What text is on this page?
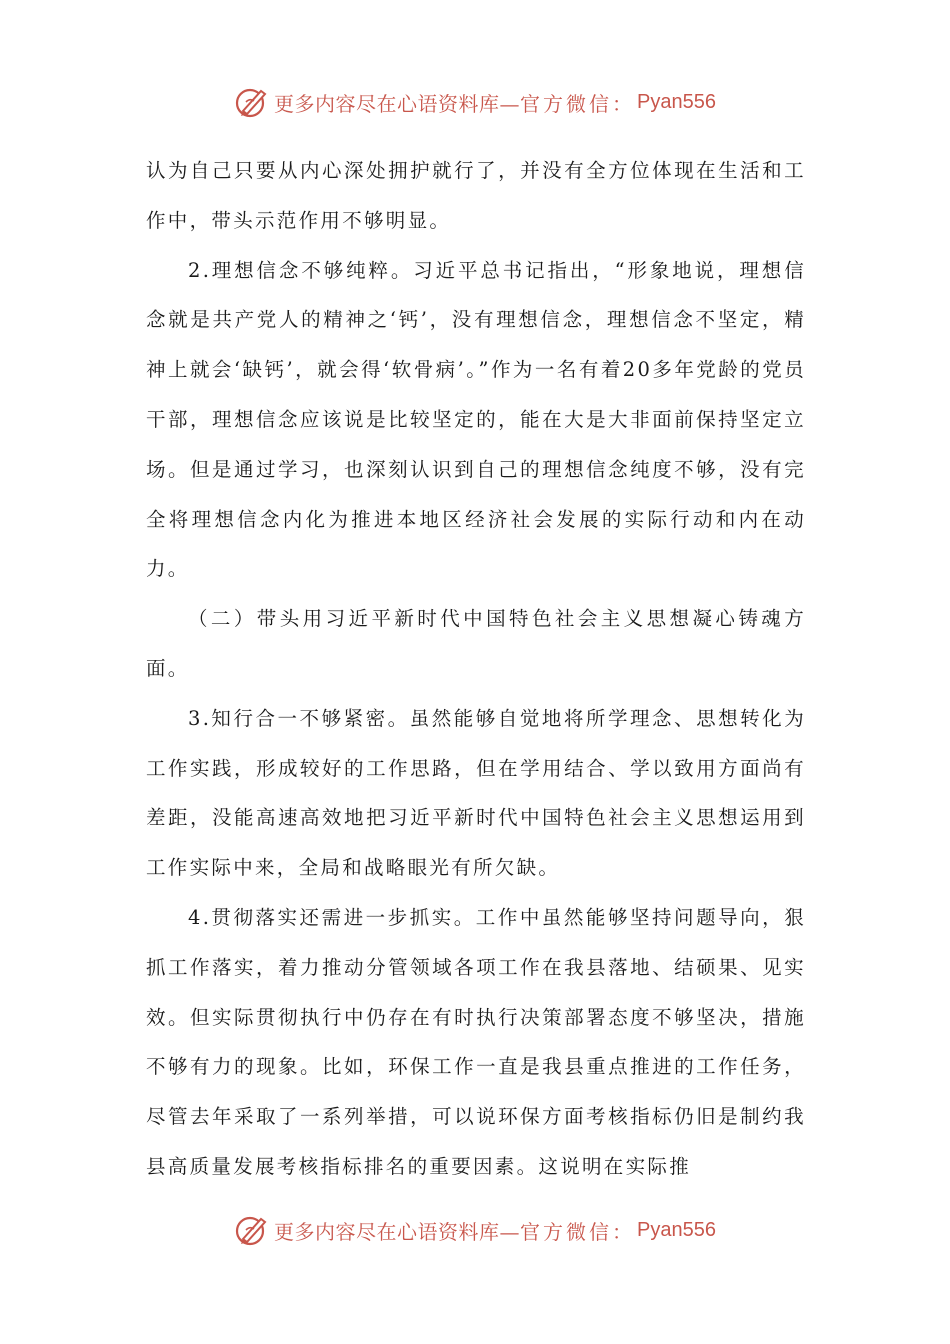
更多内容尽在心语资料库— 官方微信： Pyan556

认为自己只要从内心深处拥护就行了，并没有全方位体现在生活和工作中，带头示范作用不够明显。

2.理想信念不够纯粹。习近平总书记指出，“形象地说，理想信念就是共产党人的精神之‘钙’，没有理想信念，理想信念不坚定，精神上就会‘缺钙’，就会得‘软骨病’。”作为一名有着20多年党龄的党员干部，理想信念应该说是比较坚定的，能在大是大非面前保持坚定立场。但是通过学习，也深刻认识到自己的理想信念纯度不够，没有完全将理想信念内化为推进本地区经济社会发展的实际行动和内在动力。

（二）带头用习近平新时代中国特色社会主义思想凝心铸魂方面。

3.知行合一不够紧密。虽然能够自觉地将所学理念、思想转化为工作实践，形成较好的工作思路，但在学用结合、学以致用方面尚有差距，没能高速高效地把习近平新时代中国特色社会主义思想运用到工作实际中来，全局和战略眼光有所欠缺。

4.贯彻落实还需进一步抓实。工作中虽然能够坚持问题导向，狠抓工作落实，着力推动分管领域各项工作在我县落地、结硕果、见实效。但实际贯彻执行中仍存在有时执行决策部署态度不够坚决，措施不够有力的现象。比如，环保工作一直是我县重点推进的工作任务，尽管去年采取了一系列举措，可以说环保方面考核指标仍旧是制约我县高质量发展考核指标排名的重要因素。这说明在实际推

更多内容尽在心语资料库— 官方微信： Pyan556
